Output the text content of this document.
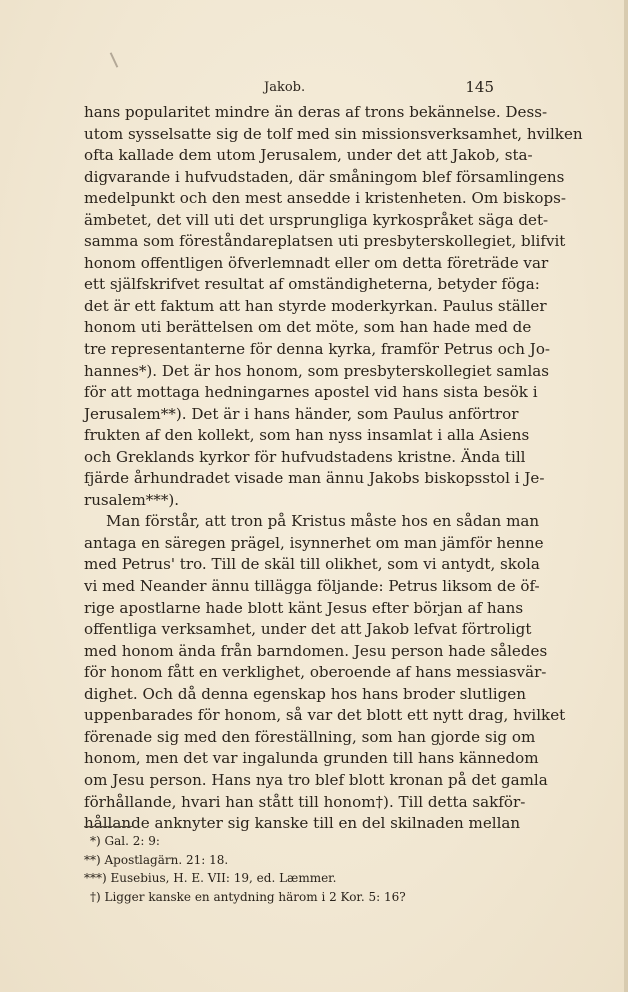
Jakob.	145
hans popularitet mindre än deras af trons bekännelse. Dess-
utom sysselsatte sig de tolf med sin missionsverksamhet, hvilken
ofta kallade dem utom Jerusalem, under det att Jakob, sta-
digvarande i hufvudstaden, där småningom blef församlingens
medelpunkt och den mest ansedde i kristenheten. Om biskops-
ämbetet, det vill uti det ursprungliga kyrkospråket säga det-
samma som föreståndareplatsen uti presbyterskollegiet, blifvit
honom offentligen öfverlemnadt eller om detta företräde var
ett själfskrifvet resultat af omständigheterna, betyder föga:
det är ett faktum att han styrde moderkyrkan. Paulus ställer
honom uti berättelsen om det möte, som han hade med de
tre representanterne för denna kyrka, framför Petrus och Jo-
hannes*). Det är hos honom, som presbyterskollegiet samlas
för att mottaga hedningarnes apostel vid hans sista besök i
Jerusalem**). Det är i hans händer, som Paulus anförtror
frukten af den kollekt, som han nyss insamlat i alla Asiens
och Greklands kyrkor för hufvudstadens kristne. Ända till
fjärde århundradet visade man ännu Jakobs biskopsstol i Je-
rusalem***).
Man förstår, att tron på Kristus måste hos en sådan man
antaga en säregen prägel, isynnerhet om man jämför henne
med Petrus' tro. Till de skäl till olikhet, som vi antydt, skola
vi med Neander ännu tillägga följande: Petrus liksom de öf-
rige apostlarne hade blott känt Jesus efter början af hans
offentliga verksamhet, under det att Jakob lefvat förtroligt
med honom ända från barndomen. Jesu person hade således
för honom fått en verklighet, oberoende af hans messiasvär-
dighet. Och då denna egenskap hos hans broder slutligen
uppenbarades för honom, så var det blott ett nytt drag, hvilket
förenade sig med den föreställning, som han gjorde sig om
honom, men det var ingalunda grunden till hans kännedom
om Jesu person. Hans nya tro blef blott kronan på det gamla
förhållande, hvari han stått till honom†). Till detta sakför-
hållande anknyter sig kanske till en del skilnaden mellan
*) Gal. 2: 9:
**) Apostlagärn. 21: 18.
***) Eusebius, H. E. VII: 19, ed. Læmmer.
†) Ligger kanske en antydning härom i 2 Kor. 5: 16?
